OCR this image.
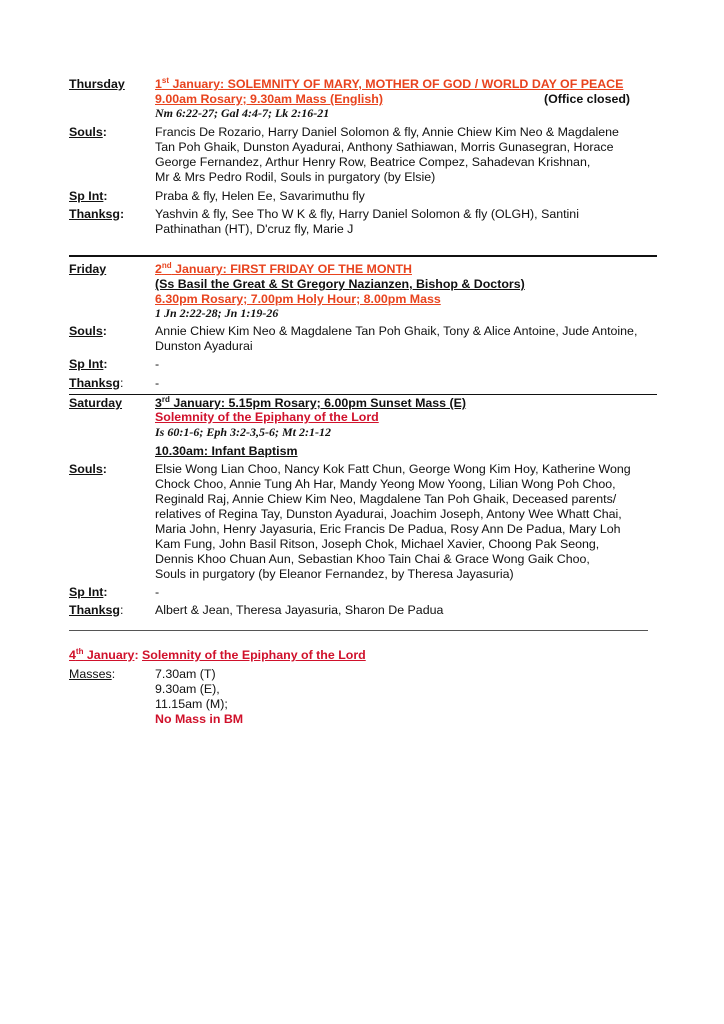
Thursday 1st January: SOLEMNITY OF MARY, MOTHER OF GOD / WORLD DAY OF PEACE
9.00am Rosary; 9.30am Mass (English)	(Office closed)
Nm 6:22-27; Gal 4:4-7; Lk 2:16-21
Souls:	Francis De Rozario, Harry Daniel Solomon & fly, Annie Chiew Kim Neo & Magdalene
Tan Poh Ghaik, Dunston Ayadurai, Anthony Sathiawan, Morris Gunasegran, Horace
George Fernandez, Arthur Henry Row, Beatrice Compez, Sahadevan Krishnan,
Mr & Mrs Pedro Rodil, Souls in purgatory (by Elsie)
Sp Int:	Praba & fly, Helen Ee, Savarimuthu fly
Thanksg: Yashvin & fly, See Tho W K & fly, Harry Daniel Solomon & fly (OLGH), Santini
Pathinathan (HT), D'cruz fly, Marie J
Friday	2nd January: FIRST FRIDAY OF THE MONTH
(Ss Basil the Great & St Gregory Nazianzen, Bishop & Doctors)
6.30pm Rosary; 7.00pm Holy Hour; 8.00pm Mass
1 Jn 2:22-28; Jn 1:19-26
Souls:	Annie Chiew Kim Neo & Magdalene Tan Poh Ghaik, Tony & Alice Antoine, Jude Antoine,
Dunston Ayadurai
Sp Int:	-
Thanksg:	-
Saturday	3rd January: 5.15pm Rosary; 6.00pm Sunset Mass (E)
Solemnity of the Epiphany of the Lord
Is 60:1-6; Eph 3:2-3,5-6; Mt 2:1-12
10.30am: Infant Baptism
Souls:	Elsie Wong Lian Choo, Nancy Kok Fatt Chun, George Wong Kim Hoy, Katherine Wong
Chock Choo, Annie Tung Ah Har, Mandy Yeong Mow Yoong, Lilian Wong Poh Choo,
Reginald Raj, Annie Chiew Kim Neo, Magdalene Tan Poh Ghaik, Deceased parents/
relatives of Regina Tay, Dunston Ayadurai, Joachim Joseph, Antony Wee Whatt Chai,
Maria John, Henry Jayasuria, Eric Francis De Padua, Rosy Ann De Padua, Mary Loh
Kam Fung, John Basil Ritson, Joseph Chok, Michael Xavier, Choong Pak Seong,
Dennis Khoo Chuan Aun, Sebastian Khoo Tain Chai & Grace Wong Gaik Choo,
Souls in purgatory (by Eleanor Fernandez, by Theresa Jayasuria)
Sp Int:	-
Thanksg:	Albert & Jean, Theresa Jayasuria, Sharon De Padua
4th January: Solemnity of the Epiphany of the Lord
Masses:	7.30am (T)
9.30am (E),
11.15am (M);
No Mass in BM
